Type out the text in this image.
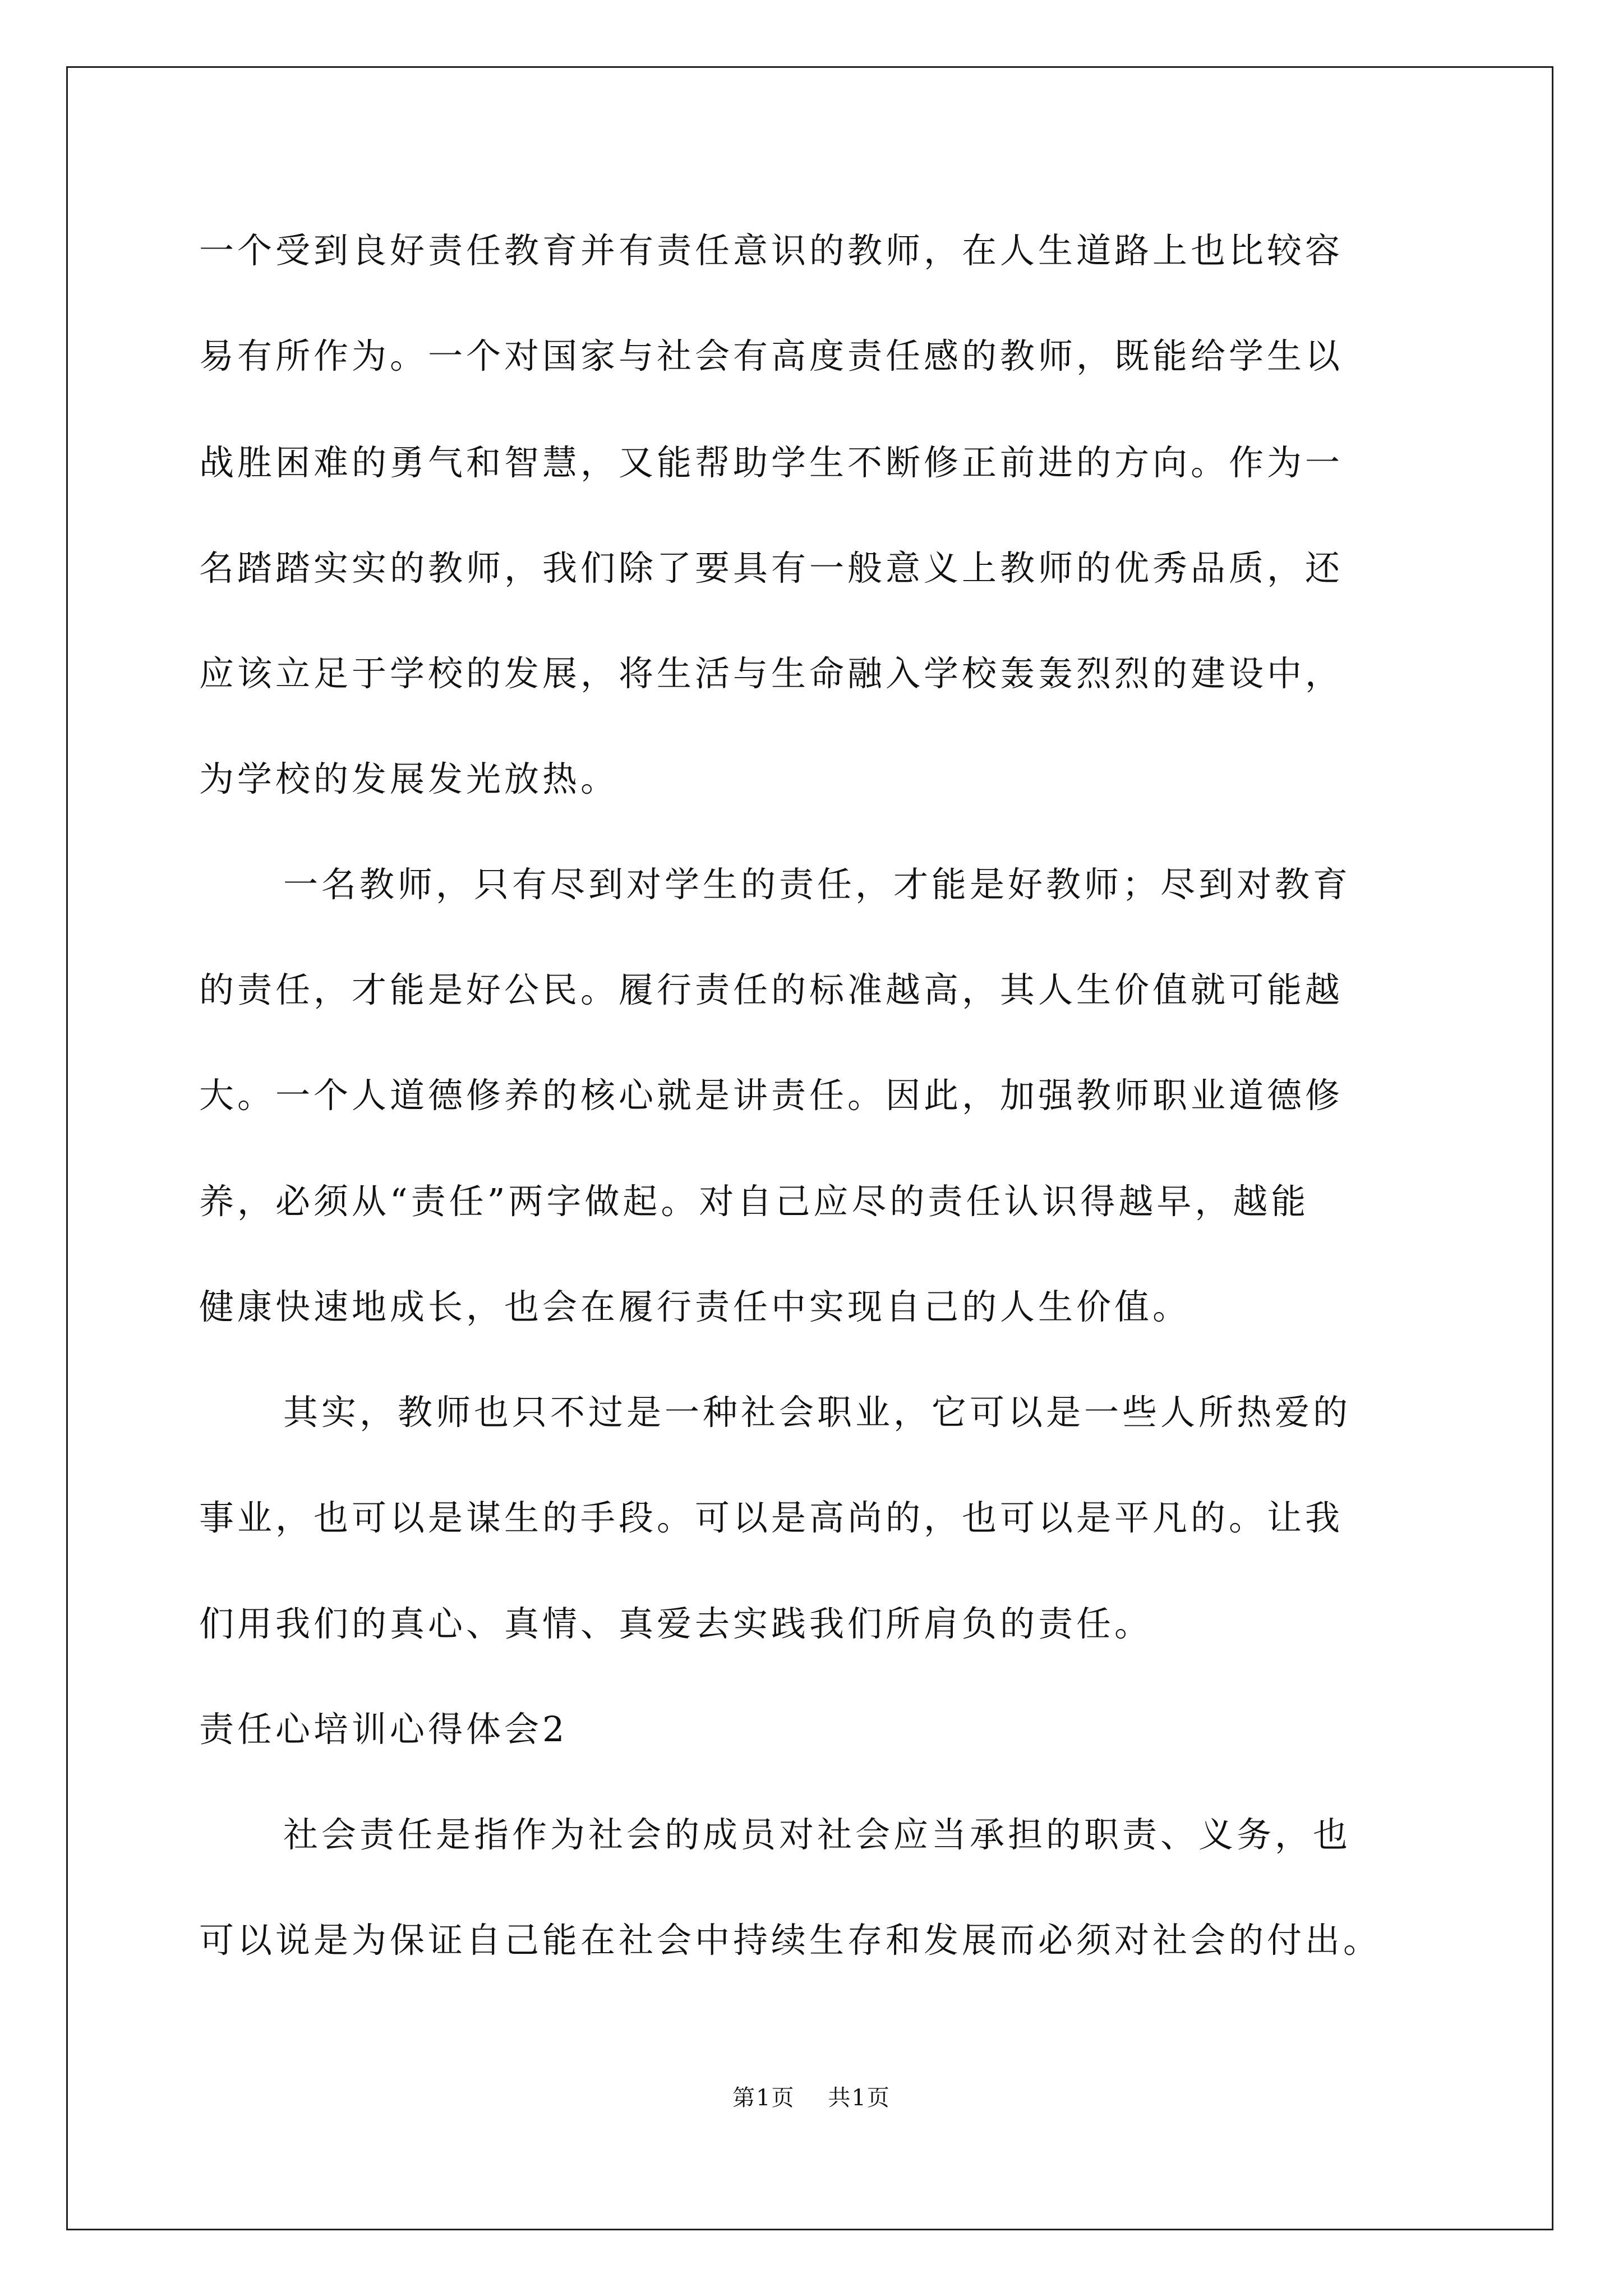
一个受到良好责任教育并有责任意识的教师，在人生道路上也比较容
易有所作为。一个对国家与社会有高度责任感的教师，既能给学生以
战胜困难的勇气和智慧，又能帮助学生不断修正前进的方向。作为一
名踏踏实实的教师，我们除了要具有一般意义上教师的优秀品质，还
应该立足于学校的发展，将生活与生命融入学校轰轰烈烈的建设中，
为学校的发展发光放热。
一名教师，只有尽到对学生的责任，才能是好教师；尽到对教育
的责任，才能是好公民。履行责任的标准越高，其人生价值就可能越
大。一个人道德修养的核心就是讲责任。因此，加强教师职业道德修
养，必须从“责任”两字做起。对自己应尽的责任认识得越早，越能
健康快速地成长，也会在履行责任中实现自己的人生价值。
其实，教师也只不过是一种社会职业，它可以是一些人所热爱的
事业，也可以是谋生的手段。可以是高尚的，也可以是平凡的。让我
们用我们的真心、真情、真爱去实践我们所肩负的责任。
责任心培训心得体会2
社会责任是指作为社会的成员对社会应当承担的职责、义务，也
可以说是为保证自己能在社会中持续生存和发展而必须对社会的付出。
第1页    共1页
